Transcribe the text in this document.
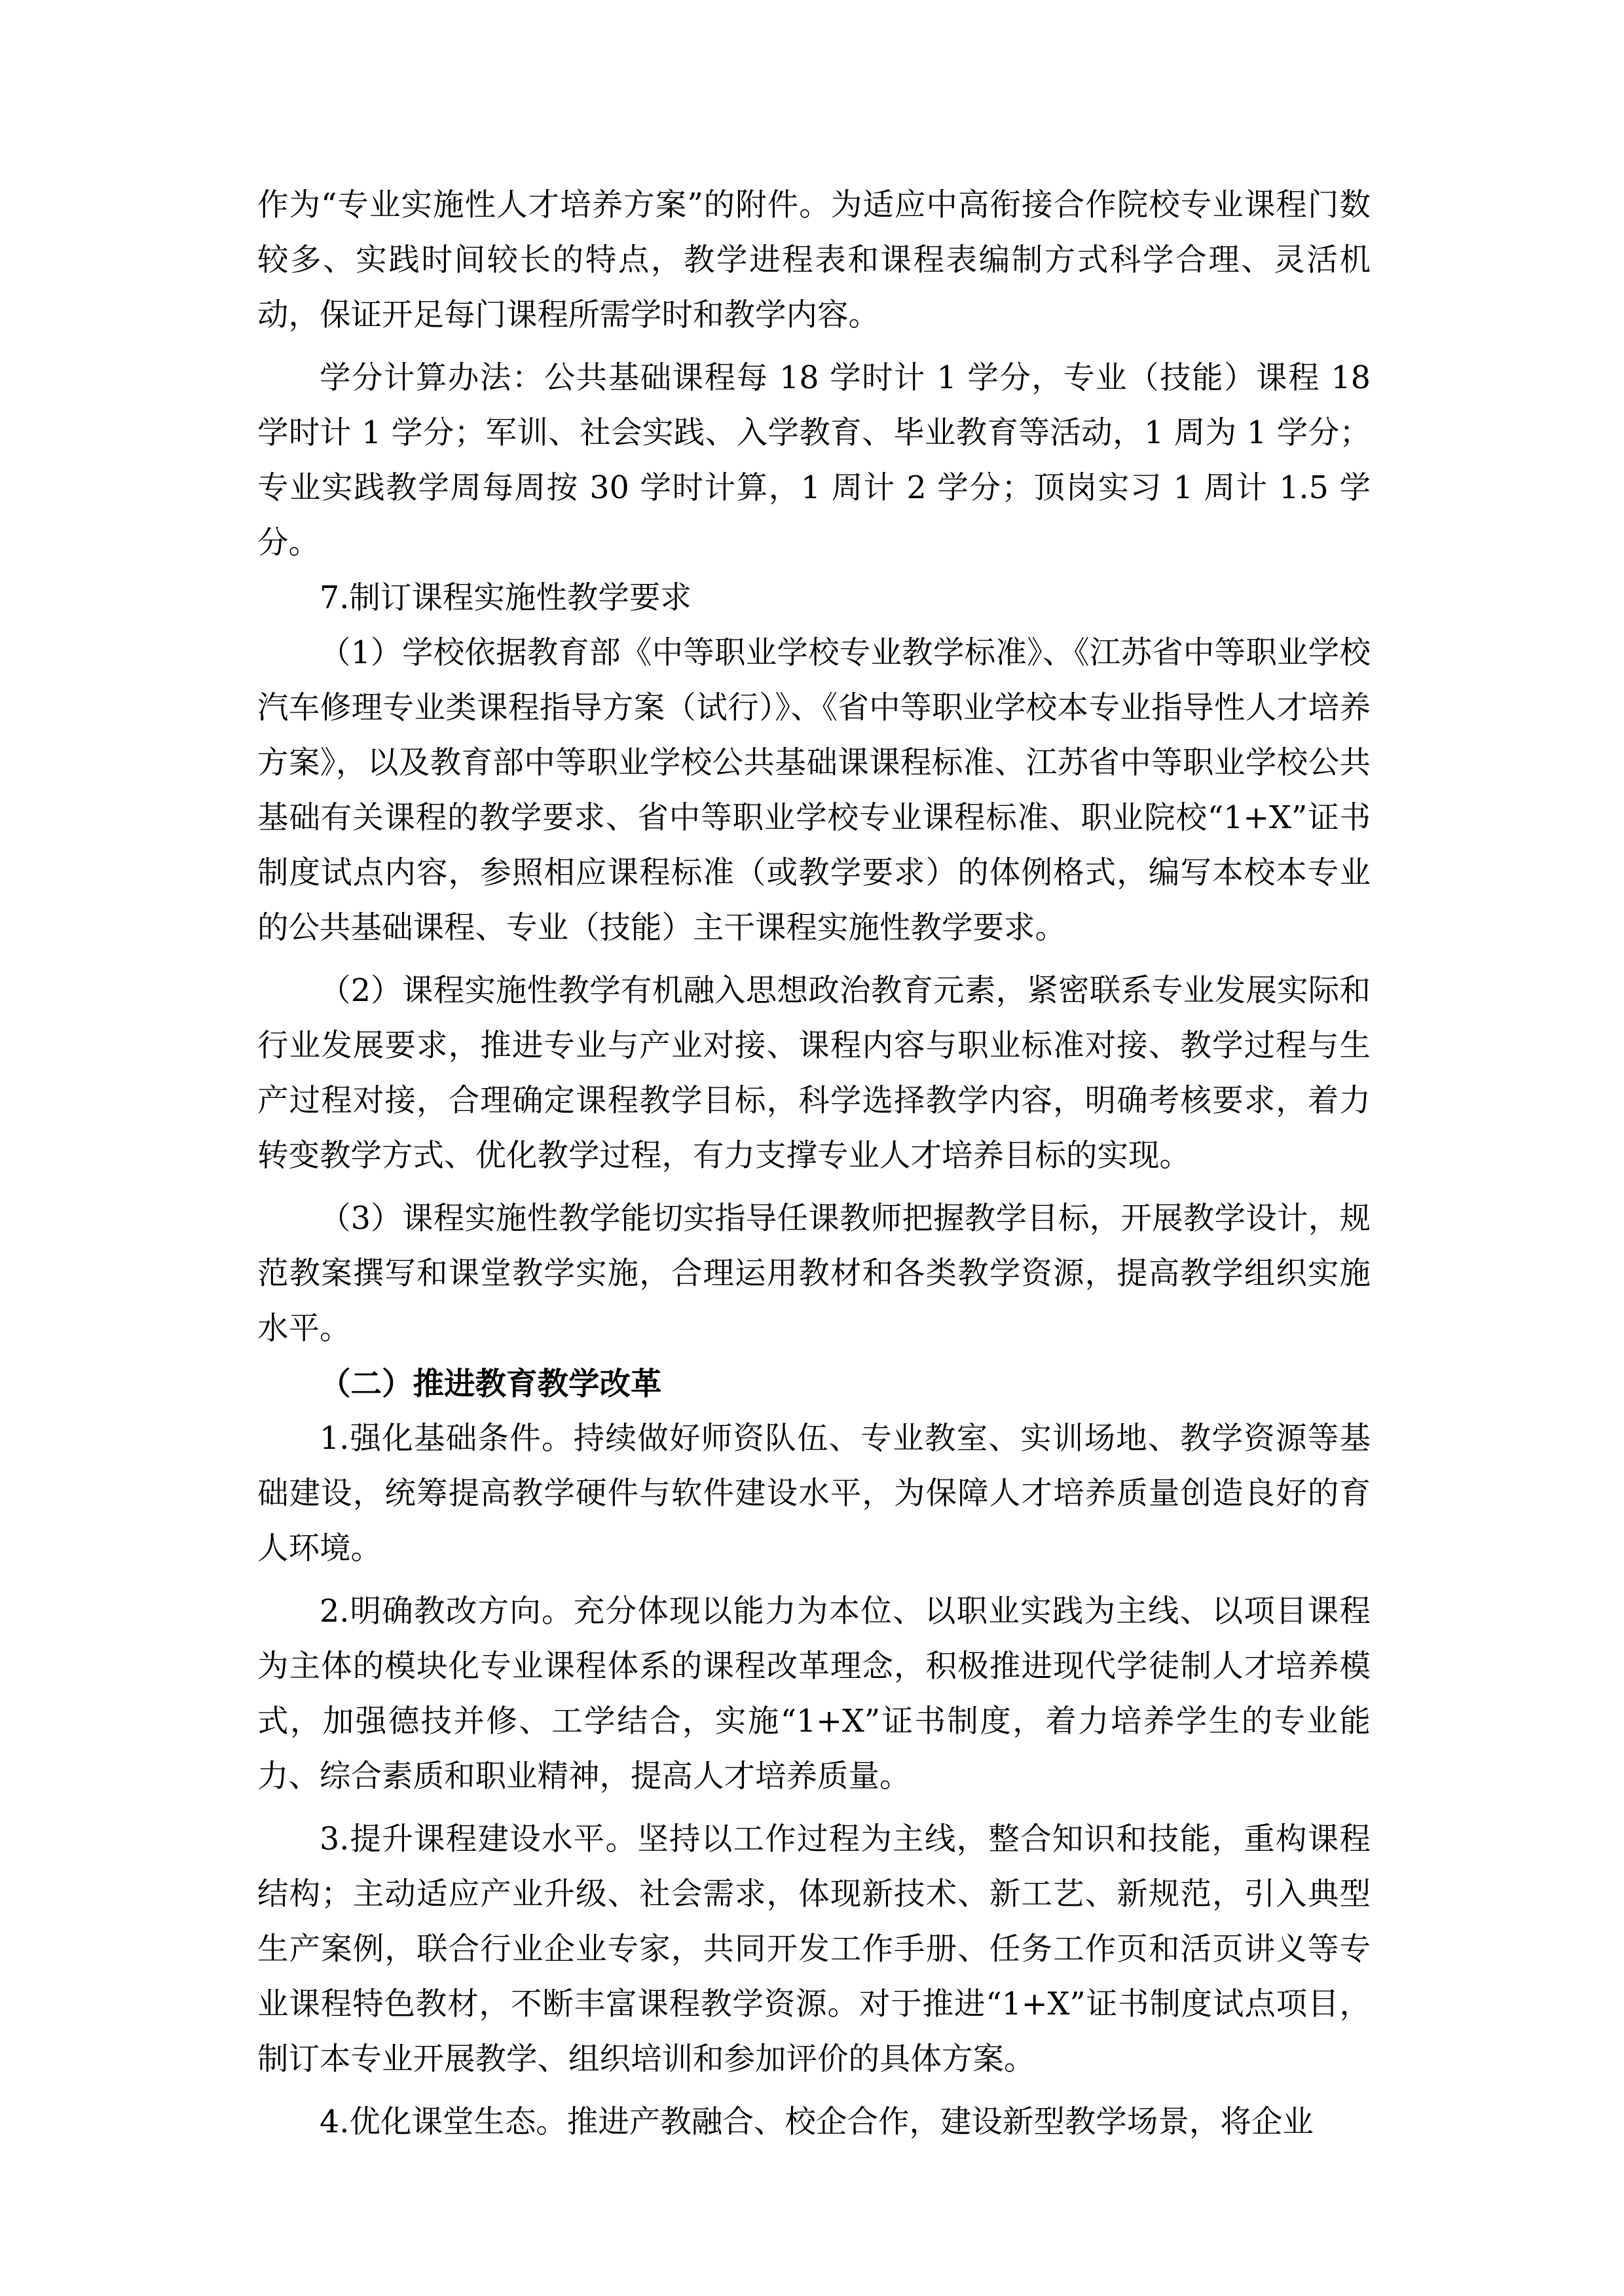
作为“专业实施性人才培养方案”的附件。为适应中高衔接合作院校专业课程门数较多、实践时间较长的特点，教学进程表和课程表编制方式科学合理、灵活机动，保证开足每门课程所需学时和教学内容。

学分计算办法：公共基础课程每 18 学时计 1 学分，专业（技能）课程 18 学时计 1 学分；军训、社会实践、入学教育、毕业教育等活动，1 周为 1 学分；专业实践教学周每周按 30 学时计算，1 周计 2 学分；顶岗实习 1 周计 1.5 学分。

7.制订课程实施性教学要求

（1）学校依据教育部《中等职业学校专业教学标准》、《江苏省中等职业学校汽车修理专业类课程指导方案（试行）》、《省中等职业学校本专业指导性人才培养方案》，以及教育部中等职业学校公共基础课课程标准、江苏省中等职业学校公共基础有关课程的教学要求、省中等职业学校专业课程标准、职业院校“1+X”证书制度试点内容，参照相应课程标准（或教学要求）的体例格式，编写本校本专业的公共基础课程、专业（技能）主干课程实施性教学要求。

（2）课程实施性教学有机融入思想政治教育元素，紧密联系专业发展实际和行业发展要求，推进专业与产业对接、课程内容与职业标准对接、教学过程与生产过程对接，合理确定课程教学目标，科学选择教学内容，明确考核要求，着力转变教学方式、优化教学过程，有力支撑专业人才培养目标的实现。

（3）课程实施性教学能切实指导任课教师把握教学目标，开展教学设计，规范教案撰写和课堂教学实施，合理运用教材和各类教学资源，提高教学组织实施水平。

（二）推进教育教学改革

1.强化基础条件。持续做好师资队伍、专业教室、实训场地、教学资源等基础建设，统筹提高教学硬件与软件建设水平，为保障人才培养质量创造良好的育人环境。

2.明确教改方向。充分体现以能力为本位、以职业实践为主线、以项目课程为主体的模块化专业课程体系的课程改革理念，积极推进现代学徒制人才培养模式，加强德技并修、工学结合，实施“1+X”证书制度，着力培养学生的专业能力、综合素质和职业精神，提高人才培养质量。

3.提升课程建设水平。坚持以工作过程为主线，整合知识和技能，重构课程结构；主动适应产业升级、社会需求，体现新技术、新工艺、新规范，引入典型生产案例，联合行业企业专家，共同开发工作手册、任务工作页和活页讲义等专业课程特色教材，不断丰富课程教学资源。对于推进“1+X”证书制度试点项目，制订本专业开展教学、组织培训和参加评价的具体方案。

4.优化课堂生态。推进产教融合、校企合作，建设新型教学场景，将企业
